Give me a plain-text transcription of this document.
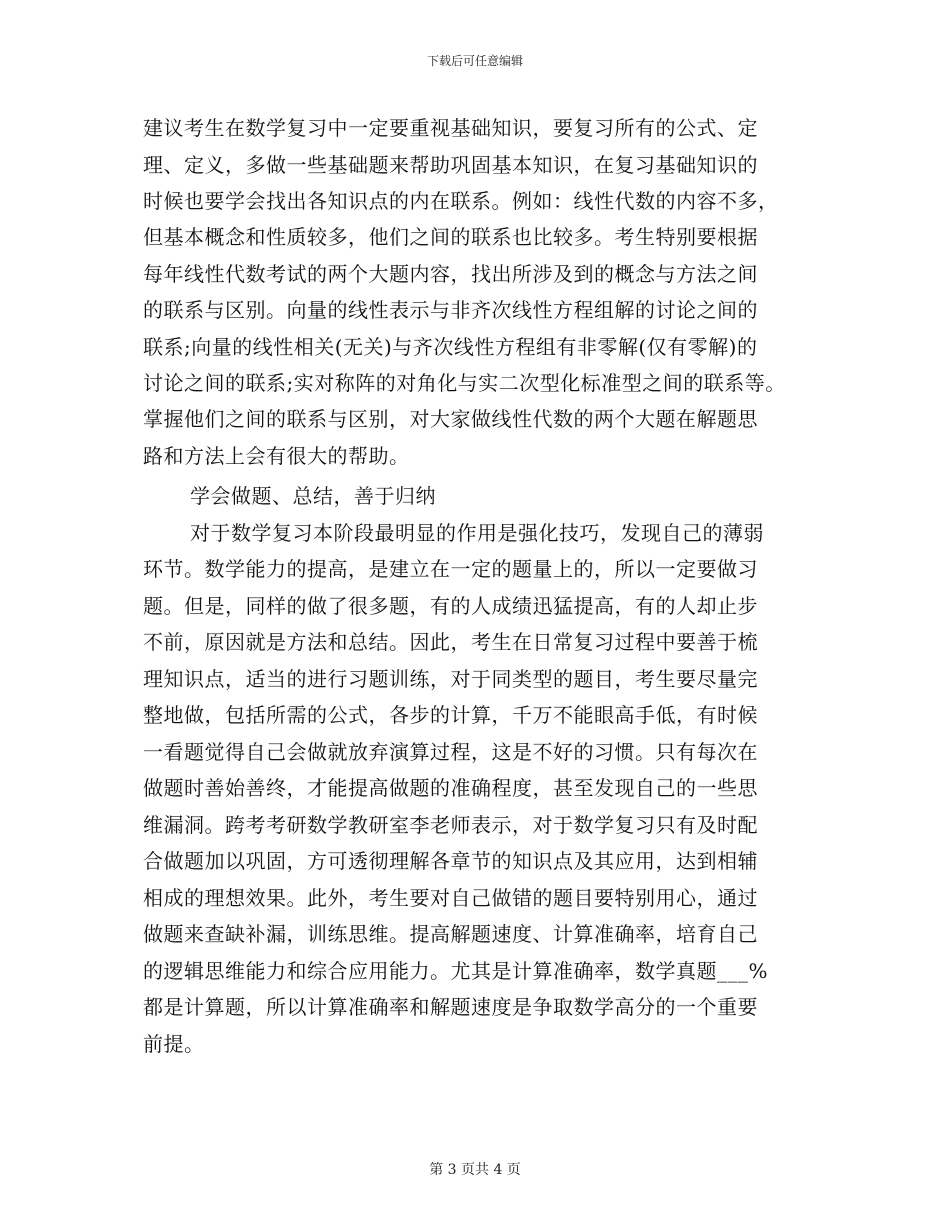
下载后可任意编辑
建议考生在数学复习中一定要重视基础知识，要复习所有的公式、定
理、定义，多做一些基础题来帮助巩固基本知识，在复习基础知识的
时候也要学会找出各知识点的内在联系。例如：线性代数的内容不多，
但基本概念和性质较多，他们之间的联系也比较多。考生特别要根据
每年线性代数考试的两个大题内容，找出所涉及到的概念与方法之间
的联系与区别。向量的线性表示与非齐次线性方程组解的讨论之间的
联系;向量的线性相关(无关)与齐次线性方程组有非零解(仅有零解)的
讨论之间的联系;实对称阵的对角化与实二次型化标准型之间的联系等。
掌握他们之间的联系与区别，对大家做线性代数的两个大题在解题思
路和方法上会有很大的帮助。
学会做题、总结，善于归纳
对于数学复习本阶段最明显的作用是强化技巧，发现自己的薄弱
环节。数学能力的提高，是建立在一定的题量上的，所以一定要做习
题。但是，同样的做了很多题，有的人成绩迅猛提高，有的人却止步
不前，原因就是方法和总结。因此，考生在日常复习过程中要善于梳
理知识点，适当的进行习题训练，对于同类型的题目，考生要尽量完
整地做，包括所需的公式，各步的计算，千万不能眼高手低，有时候
一看题觉得自己会做就放弃演算过程，这是不好的习惯。只有每次在
做题时善始善终，才能提高做题的准确程度，甚至发现自己的一些思
维漏洞。跨考考研数学教研室李老师表示，对于数学复习只有及时配
合做题加以巩固，方可透彻理解各章节的知识点及其应用，达到相辅
相成的理想效果。此外，考生要对自己做错的题目要特别用心，通过
做题来查缺补漏，训练思维。提高解题速度、计算准确率，培育自己
的逻辑思维能力和综合应用能力。尤其是计算准确率，数学真题___%
都是计算题，所以计算准确率和解题速度是争取数学高分的一个重要
前提。
第 3 页共 4 页
